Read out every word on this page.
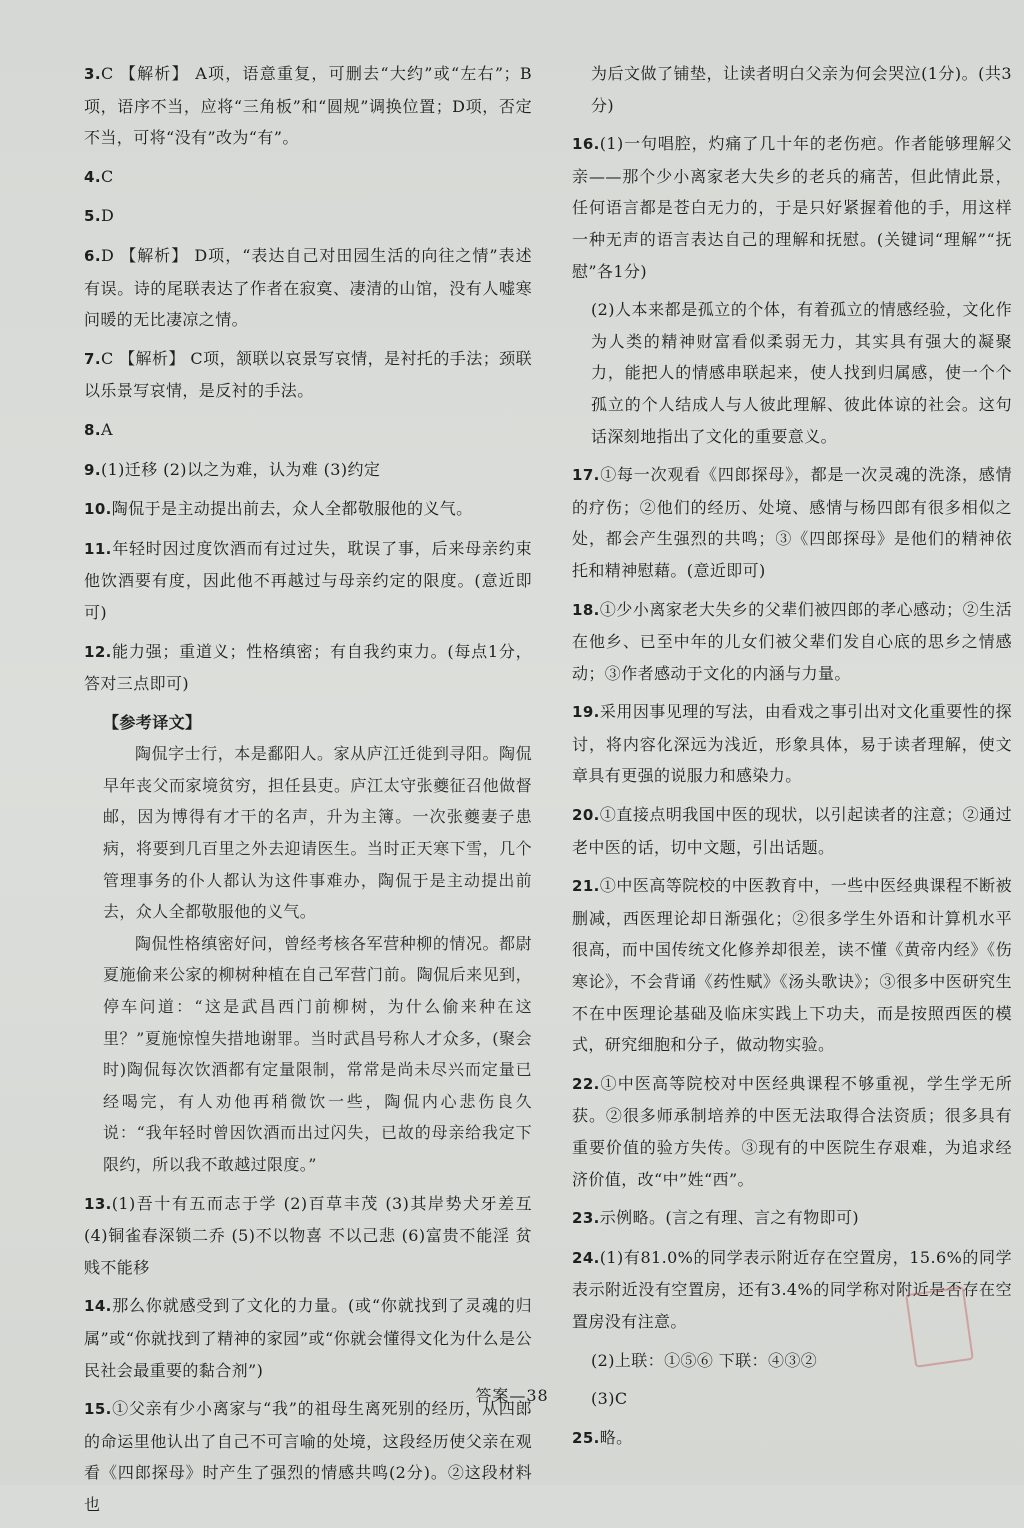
3.C 【解析】 A项，语意重复，可删去“大约”或“左右”；B项，语序不当，应将“三角板”和“圆规”调换位置；D项，否定不当，可将“没有”改为“有”。

4.C

5.D

6.D 【解析】 D项，“表达自己对田园生活的向往之情”表述有误。诗的尾联表达了作者在寂寞、凄清的山馆，没有人嘘寒问暖的无比凄凉之情。

7.C 【解析】 C项，颔联以哀景写哀情，是衬托的手法；颈联以乐景写哀情，是反衬的手法。

8.A

9.(1)迁移 (2)以之为难，认为难 (3)约定

10.陶侃于是主动提出前去，众人全都敬服他的义气。

11.年轻时因过度饮酒而有过过失，耽误了事，后来母亲约束他饮酒要有度，因此他不再越过与母亲约定的限度。(意近即可)

12.能力强；重道义；性格缜密；有自我约束力。(每点1分，答对三点即可)

【参考译文】

陶侃字士行，本是鄱阳人。家从庐江迁徙到寻阳。陶侃早年丧父而家境贫穷，担任县吏。庐江太守张夔征召他做督邮，因为博得有才干的名声，升为主簿。一次张夔妻子患病，将要到几百里之外去迎请医生。当时正天寒下雪，几个管理事务的仆人都认为这件事难办，陶侃于是主动提出前去，众人全都敬服他的义气。

陶侃性格缜密好问，曾经考核各军营种柳的情况。都尉夏施偷来公家的柳树种植在自己军营门前。陶侃后来见到，停车问道：“这是武昌西门前柳树，为什么偷来种在这里？”夏施惊惶失措地谢罪。当时武昌号称人才众多，(聚会时)陶侃每次饮酒都有定量限制，常常是尚未尽兴而定量已经喝完，有人劝他再稍微饮一些，陶侃内心悲伤良久说：“我年轻时曾因饮酒而出过闪失，已故的母亲给我定下限约，所以我不敢越过限度。”

13.(1)吾十有五而志于学 (2)百草丰茂 (3)其岸势犬牙差互 (4)铜雀春深锁二乔 (5)不以物喜 不以己悲 (6)富贵不能淫 贫贱不能移

14.那么你就感受到了文化的力量。(或“你就找到了灵魂的归属”或“你就找到了精神的家园”或“你就会懂得文化为什么是公民社会最重要的黏合剂”)

15.①父亲有少小离家与“我”的祖母生离死别的经历，从四郎的命运里他认出了自己不可言喻的处境，这段经历使父亲在观看《四郎探母》时产生了强烈的情感共鸣(2分)。②这段材料也

为后文做了铺垫，让读者明白父亲为何会哭泣(1分)。(共3分)

16.(1)一句唱腔，灼痛了几十年的老伤疤。作者能够理解父亲——那个少小离家老大失乡的老兵的痛苦，但此情此景，任何语言都是苍白无力的，于是只好紧握着他的手，用这样一种无声的语言表达自己的理解和抚慰。(关键词“理解”“抚慰”各1分)

(2)人本来都是孤立的个体，有着孤立的情感经验，文化作为人类的精神财富看似柔弱无力，其实具有强大的凝聚力，能把人的情感串联起来，使人找到归属感，使一个个孤立的个人结成人与人彼此理解、彼此体谅的社会。这句话深刻地指出了文化的重要意义。

17.①每一次观看《四郎探母》，都是一次灵魂的洗涤，感情的疗伤；②他们的经历、处境、感情与杨四郎有很多相似之处，都会产生强烈的共鸣；③《四郎探母》是他们的精神依托和精神慰藉。(意近即可)

18.①少小离家老大失乡的父辈们被四郎的孝心感动；②生活在他乡、已至中年的儿女们被父辈们发自心底的思乡之情感动；③作者感动于文化的内涵与力量。

19.采用因事见理的写法，由看戏之事引出对文化重要性的探讨，将内容化深远为浅近，形象具体，易于读者理解，使文章具有更强的说服力和感染力。

20.①直接点明我国中医的现状，以引起读者的注意；②通过老中医的话，切中文题，引出话题。

21.①中医高等院校的中医教育中，一些中医经典课程不断被删减，西医理论却日渐强化；②很多学生外语和计算机水平很高，而中国传统文化修养却很差，读不懂《黄帝内经》《伤寒论》，不会背诵《药性赋》《汤头歌诀》；③很多中医研究生不在中医理论基础及临床实践上下功夫，而是按照西医的模式，研究细胞和分子，做动物实验。

22.①中医高等院校对中医经典课程不够重视，学生学无所获。②很多师承制培养的中医无法取得合法资质；很多具有重要价值的验方失传。③现有的中医院生存艰难，为追求经济价值，改“中”姓“西”。

23.示例略。(言之有理、言之有物即可)

24.(1)有81.0%的同学表示附近存在空置房，15.6%的同学表示附近没有空置房，还有3.4%的同学称对附近是否存在空置房没有注意。

(2)上联：①⑤⑥ 下联：④③②

(3)C

25.略。

答案—38
